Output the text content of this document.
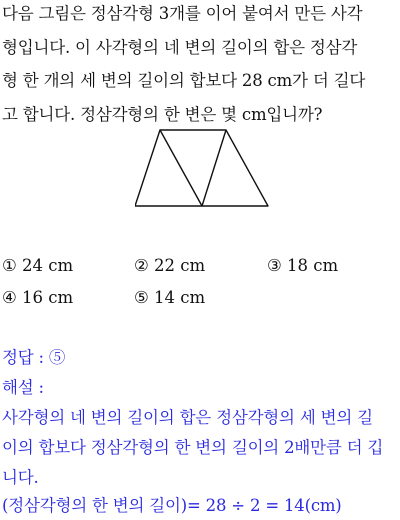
다음 그림은 정삼각형 3개를 이어 붙여서 만든 사각
형입니다. 이 사각형의 네 변의 길이의 합은 정삼각
형 한 개의 세 변의 길이의 합보다 28 cm가 더 길다
고 합니다. 정삼각형의 한 변은 몇 cm입니까?
① 24 cm	② 22 cm	③ 18 cm
④ 16 cm	⑤ 14 cm
정답 : ⑤
해설 :
사각형의 네 변의 길이의 합은 정삼각형의 세 변의 길
이의 합보다 정삼각형의 한 변의 길이의 2배만큼 더 깁
니다.
(정삼각형의 한 변의 길이)= 28 ÷ 2 = 14(cm)
